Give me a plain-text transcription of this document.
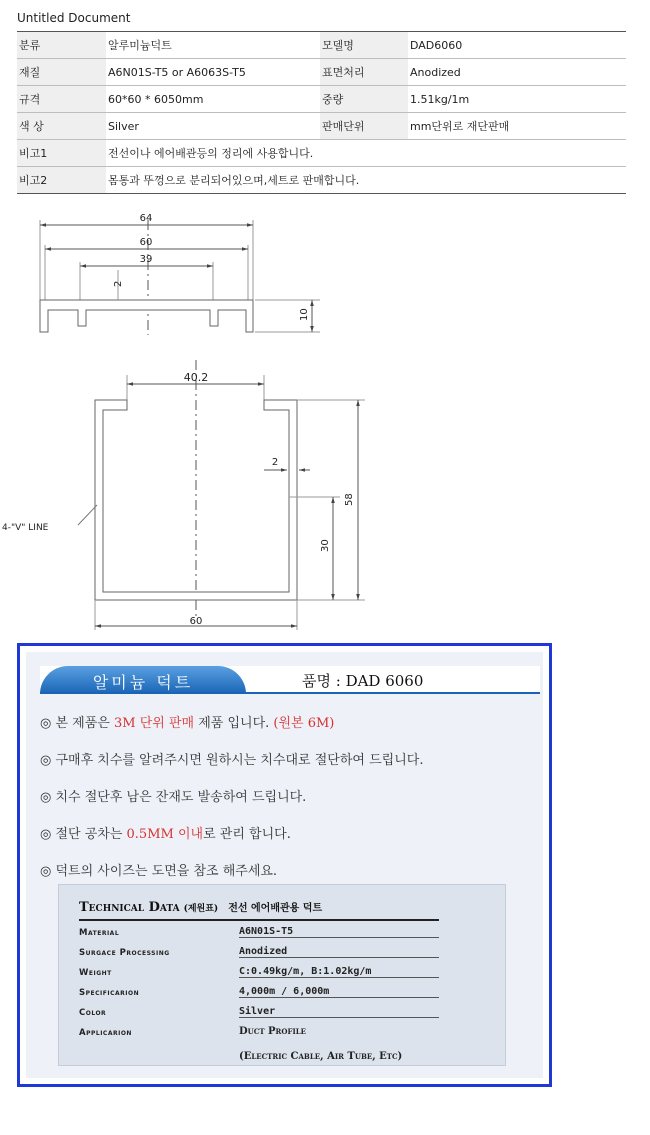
Untitled Document
분류	알루미늄덕트	모델명	DAD6060
재질	A6N01S-T5 or A6063S-T5	표면처리	Anodized
규격	60*60 * 6050mm	중량	1.51kg/1m
색 상	Silver	판매단위	mm단위로 재단판매
비고1	전선이나 에어배관등의 정리에 사용합니다.		
비고2	몸통과 뚜껑으로 분리되어있으며,세트로 판매합니다.		
64
60
39
2
10
40.2
2
58
30
60
4-"V" LINE
알미늄 덕트	품명 : DAD 6060
◎ 본 제품은 3M 단위 판매 제품 입니다. (원본 6M)
◎ 구매후 치수를 알려주시면 원하시는 치수대로 절단하여 드립니다.
◎ 치수 절단후 남은 잔재도 발송하여 드립니다.
◎ 절단 공차는 0.5MM 이내로 관리 합니다.
◎ 덕트의 사이즈는 도면을 참조 해주세요.
Technical Data (제원표) 전선 에어배관용 덕트
Material	A6N01S-T5
Surgace Processing	Anodized
Weight	C:0.49kg/m, B:1.02kg/m
Specificarion	4,000m / 6,000m
Color	Silver
Applicarion	Duct Profile
(Electric Cable, Air Tube, Etc)
